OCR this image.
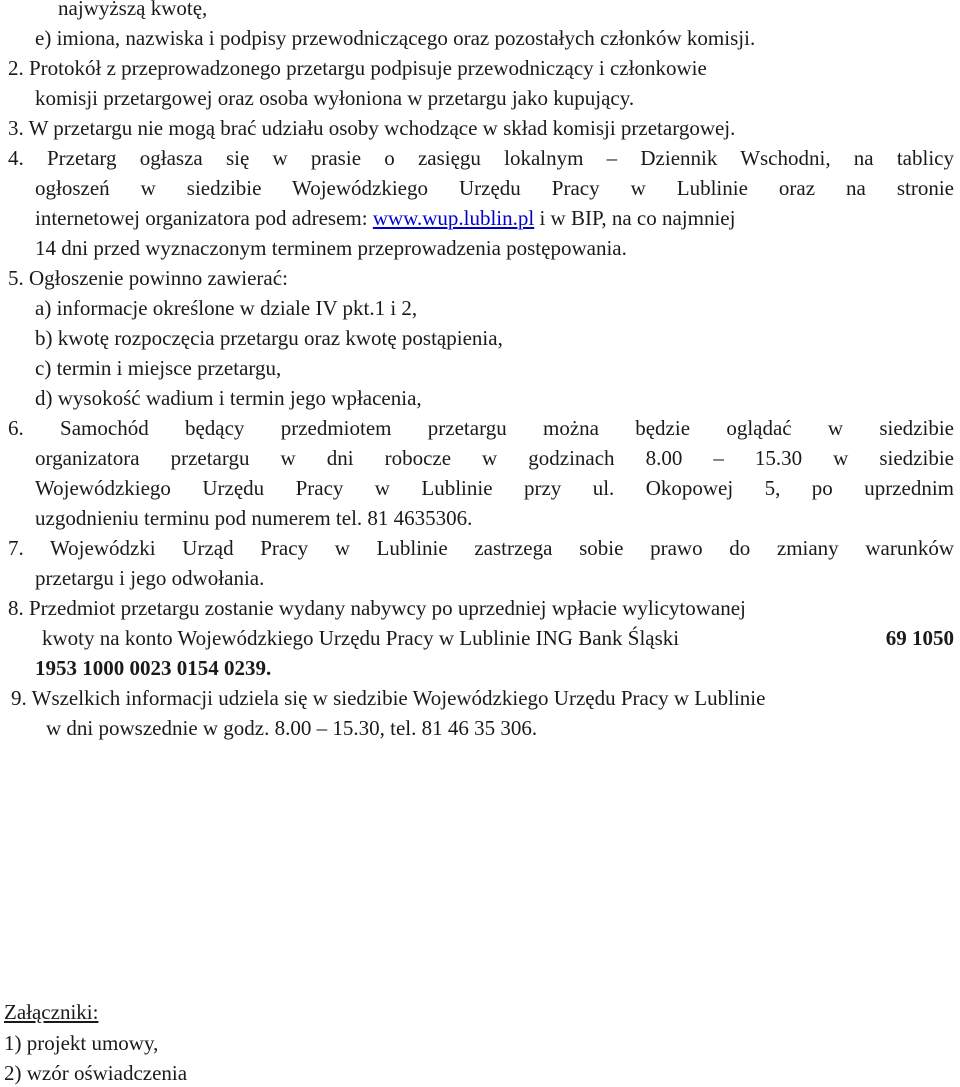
najwyższą kwotę,
e) imiona, nazwiska i podpisy przewodniczącego oraz pozostałych członków komisji.
2. Protokół z przeprowadzonego przetargu podpisuje przewodniczący i członkowie
komisji przetargowej oraz osoba wyłoniona w przetargu jako kupujący.
3. W przetargu nie mogą brać udziału osoby wchodzące w skład komisji przetargowej.
4. Przetarg ogłasza się w prasie o zasięgu lokalnym – Dziennik Wschodni, na tablicy
ogłoszeń w siedzibie Wojewódzkiego Urzędu Pracy w Lublinie oraz na stronie
internetowej organizatora pod adresem: www.wup.lublin.pl i w BIP, na co najmniej
14 dni przed wyznaczonym terminem przeprowadzenia postępowania.
5. Ogłoszenie powinno zawierać:
a) informacje określone w dziale IV pkt.1 i 2,
b) kwotę rozpoczęcia przetargu oraz kwotę postąpienia,
c) termin i miejsce przetargu,
d) wysokość wadium i termin jego wpłacenia,
6. Samochód będący przedmiotem przetargu można będzie oglądać w siedzibie
organizatora przetargu w dni robocze w godzinach 8.00 – 15.30 w siedzibie
Wojewódzkiego Urzędu Pracy w Lublinie przy ul. Okopowej 5, po uprzednim
uzgodnieniu terminu pod numerem tel. 81 4635306.
7. Wojewódzki Urząd Pracy w Lublinie zastrzega sobie prawo do zmiany warunków
przetargu i jego odwołania.
8. Przedmiot przetargu zostanie wydany nabywcy po uprzedniej wpłacie wylicytowanej
kwoty na konto Wojewódzkiego Urzędu Pracy w Lublinie ING Bank Śląski	69 1050
1953 1000 0023 0154 0239.
9. Wszelkich informacji udziela się w siedzibie Wojewódzkiego Urzędu Pracy w Lublinie
w dni powszednie w godz. 8.00 – 15.30, tel. 81 46 35 306.
Załączniki:
1) projekt umowy,
2) wzór oświadczenia
